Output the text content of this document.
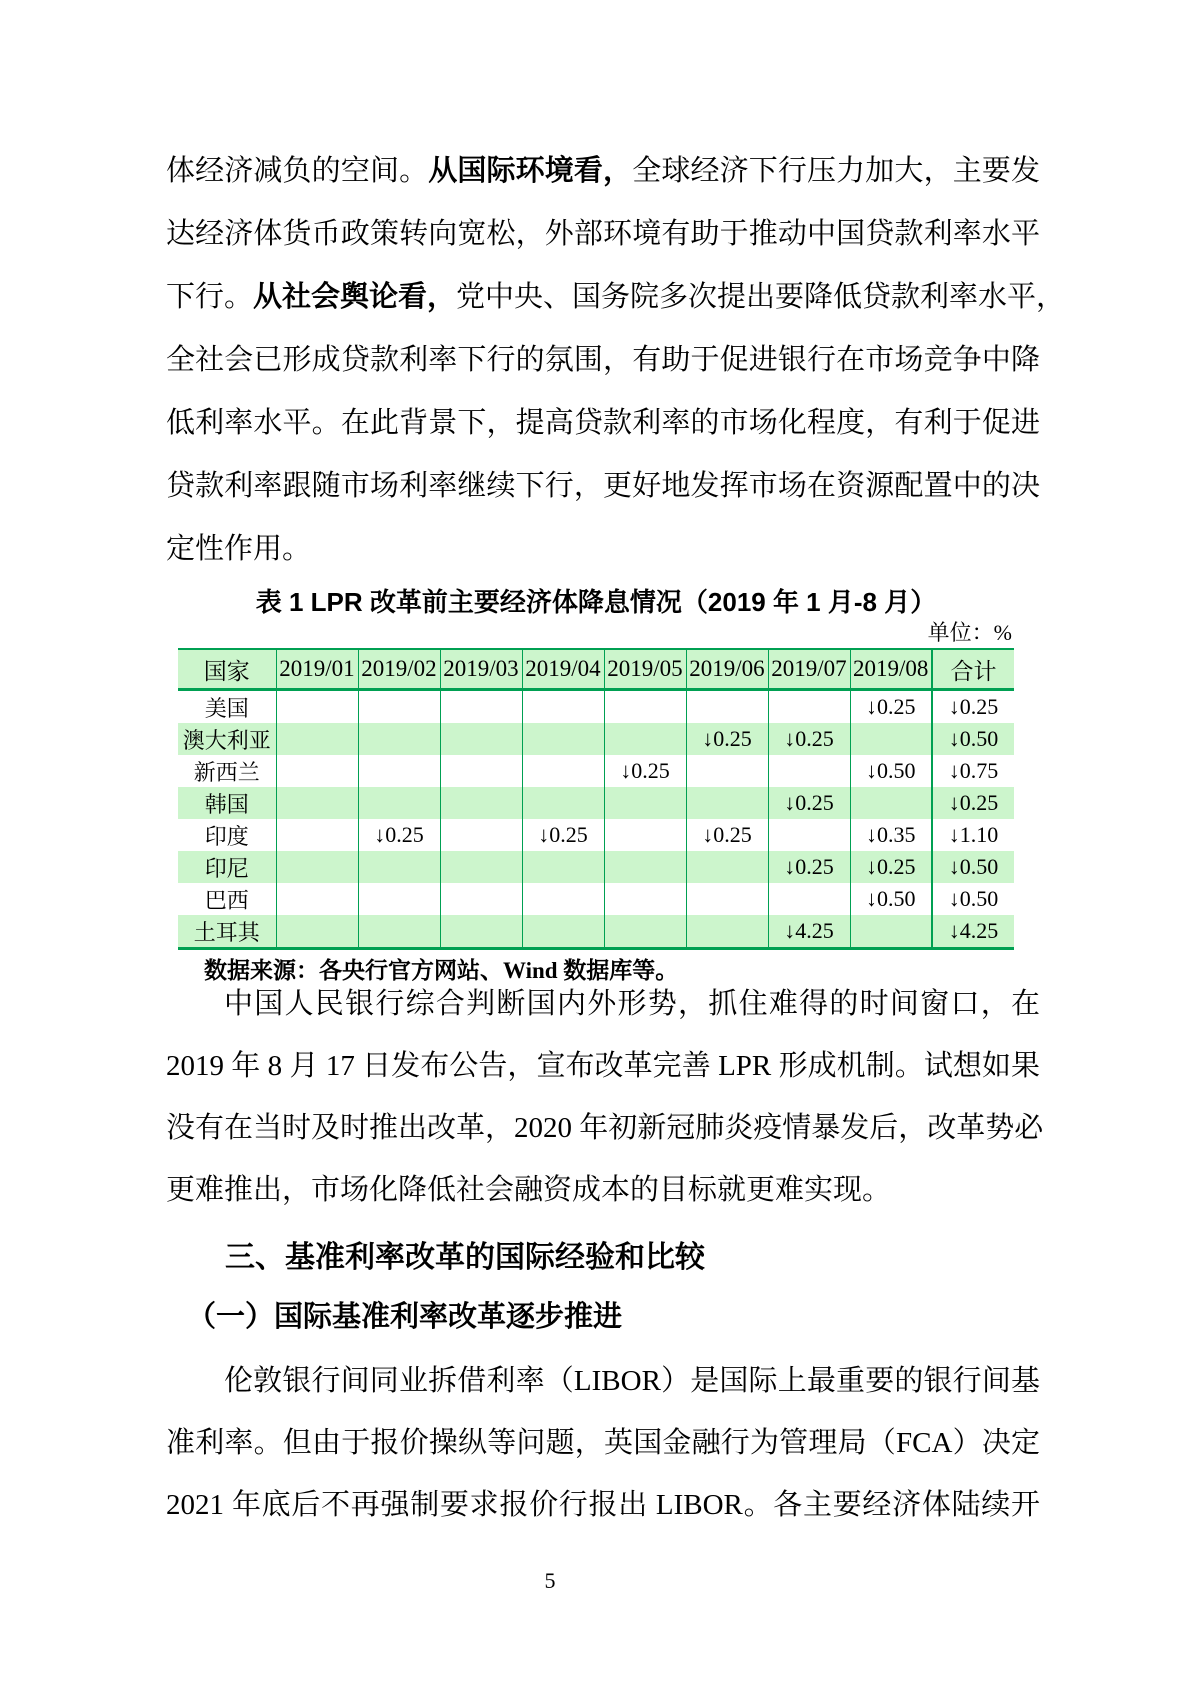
体经济减负的空间。从国际环境看，全球经济下行压力加大，主要发
达经济体货币政策转向宽松，外部环境有助于推动中国贷款利率水平
下行。从社会舆论看，党中央、国务院多次提出要降低贷款利率水平，
全社会已形成贷款利率下行的氛围，有助于促进银行在市场竞争中降
低利率水平。在此背景下，提高贷款利率的市场化程度，有利于促进
贷款利率跟随市场利率继续下行，更好地发挥市场在资源配置中的决
定性作用。
表 1 LPR 改革前主要经济体降息情况（2019 年 1 月-8 月）
单位：%
国家	2019/01	2019/02	2019/03	2019/04	2019/05	2019/06	2019/07	2019/08	合计
美国								↓0.25	↓0.25
澳大利亚						↓0.25	↓0.25		↓0.50
新西兰					↓0.25			↓0.50	↓0.75
韩国							↓0.25		↓0.25
印度		↓0.25		↓0.25		↓0.25		↓0.35	↓1.10
印尼							↓0.25	↓0.25	↓0.50
巴西								↓0.50	↓0.50
土耳其							↓4.25		↓4.25
数据来源：各央行官方网站、Wind 数据库等。
中国人民银行综合判断国内外形势，抓住难得的时间窗口，在
2019 年 8 月 17 日发布公告，宣布改革完善 LPR 形成机制。试想如果
没有在当时及时推出改革，2020 年初新冠肺炎疫情暴发后，改革势必
更难推出，市场化降低社会融资成本的目标就更难实现。
三、基准利率改革的国际经验和比较
（一）国际基准利率改革逐步推进
伦敦银行间同业拆借利率（LIBOR）是国际上最重要的银行间基
准利率。但由于报价操纵等问题，英国金融行为管理局（FCA）决定
2021 年底后不再强制要求报价行报出 LIBOR。各主要经济体陆续开
5
